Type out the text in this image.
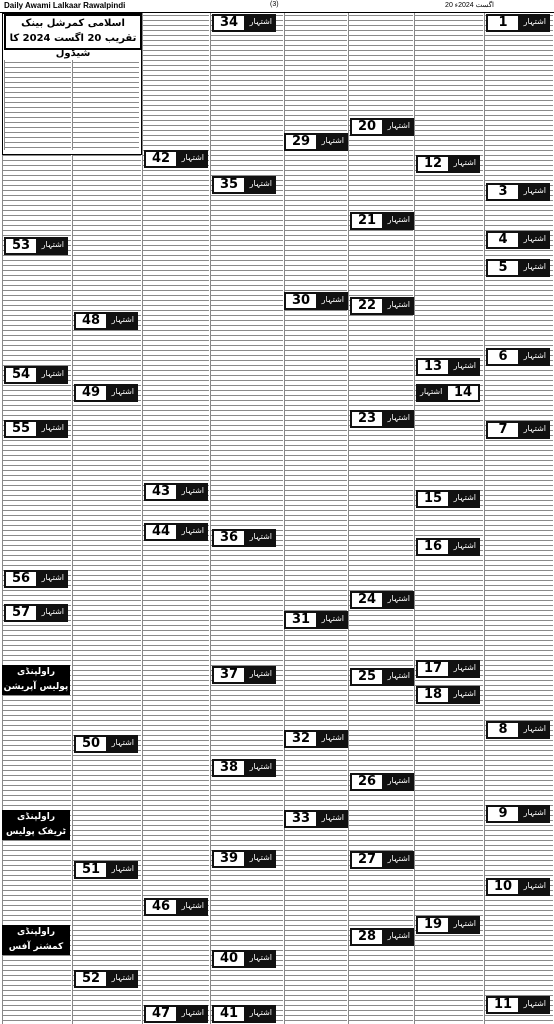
Daily Awami Lalkaar Rawalpindi	(3)	20 اگست 2024ء
اسلامی کمرشل بینک تقریب 20 اگست 2024 کا شیڈول
راولپنڈی پولیس آپریشن
راولپنڈی ٹریفک پولیس
راولپنڈی کمشنر آفس
1	اشتہار
3	اشتہار
4	اشتہار
5	اشتہار
6	اشتہار
7	اشتہار
8	اشتہار
9	اشتہار
10	اشتہار
11	اشتہار
12	اشتہار
13	اشتہار
15	اشتہار
16	اشتہار
17	اشتہار
18	اشتہار
19	اشتہار
14
اشتہار
20	اشتہار
21	اشتہار
22	اشتہار
23	اشتہار
24	اشتہار
25	اشتہار
26	اشتہار
27	اشتہار
28	اشتہار
29	اشتہار
30	اشتہار
31	اشتہار
32	اشتہار
33	اشتہار
34	اشتہار
35	اشتہار
36	اشتہار
37	اشتہار
38	اشتہار
39	اشتہار
40	اشتہار
41	اشتہار
42	اشتہار
43	اشتہار
44	اشتہار
46	اشتہار
47	اشتہار
48	اشتہار
49	اشتہار
50	اشتہار
51	اشتہار
52	اشتہار
53	اشتہار
54	اشتہار
55	اشتہار
56	اشتہار
57	اشتہار
